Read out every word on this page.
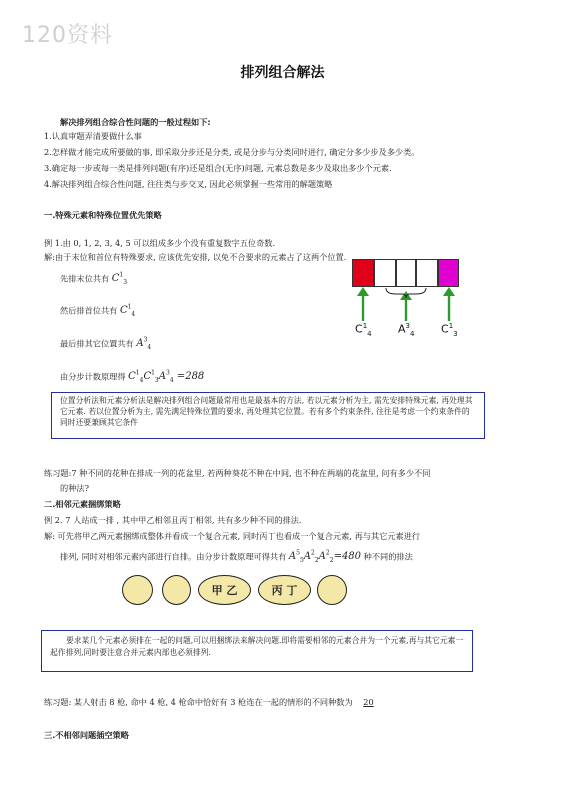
120资料
排列组合解法
解决排列组合综合性问题的一般过程如下:
1.认真审题弄清要做什么事
2.怎样做才能完成所要做的事, 即采取分步还是分类, 或是分步与分类同时进行, 确定分多少步及多少类。
3.确定每一步或每一类是排列问题(有序)还是组合(无序)问题, 元素总数是多少及取出多少个元素.
4.解决排列组合综合性问题, 往往类与步交叉, 因此必须掌握一些常用的解题策略
一.特殊元素和特殊位置优先策略
例 1.由 0, 1, 2, 3, 4, 5 可以组成多少个没有重复数字五位奇数.
解:由于末位和首位有特殊要求, 应该优先安排, 以免不合要求的元素占了这两个位置.
先排末位共有 $C^1_3$
然后排首位共有 $C^1_4$
最后排其它位置共有 $A^3_4$
由分步计数原理得 $C^1_4C^1_3A^3_4 =288$
$C^1_4$ $A^3_4$ $C^1_3$
位置分析法和元素分析法是解决排列组合问题最常用也是最基本的方法, 若以元素分析为主, 需先安排特殊元素, 再处理其它元素. 若以位置分析为主, 需先满足特殊位置的要求, 再处理其它位置。若有多个约束条件, 往往是考虑一个约束条件的同时还要兼顾其它条件
练习题:7 种不同的花种在排成一列的花盆里, 若两种葵花不种在中间, 也不种在两端的花盆里, 问有多少不同
的种法?
二.相邻元素捆绑策略
例 2. 7 人站成一排 , 其中甲乙相邻且丙丁相邻, 共有多少种不同的排法.
解: 可先将甲乙两元素捆绑成整体并看成一个复合元素, 同时丙丁也看成一个复合元素, 再与其它元素进行
排列, 同时对相邻元素内部进行自排。由分步计数原理可得共有 $A^5_5A^2_2A^2_2=480$ 种不同的排法
甲 乙	丙 丁
要求某几个元素必须排在一起的问题,可以用捆绑法来解决问题.即将需要相邻的元素合并为一个元素,再与其它元素一起作排列,同时要注意合并元素内部也必须排列.
练习题: 某人射击 8 枪, 命中 4 枪, 4 枪命中恰好有 3 枪连在一起的情形的不同种数为 20
三.不相邻问题插空策略
